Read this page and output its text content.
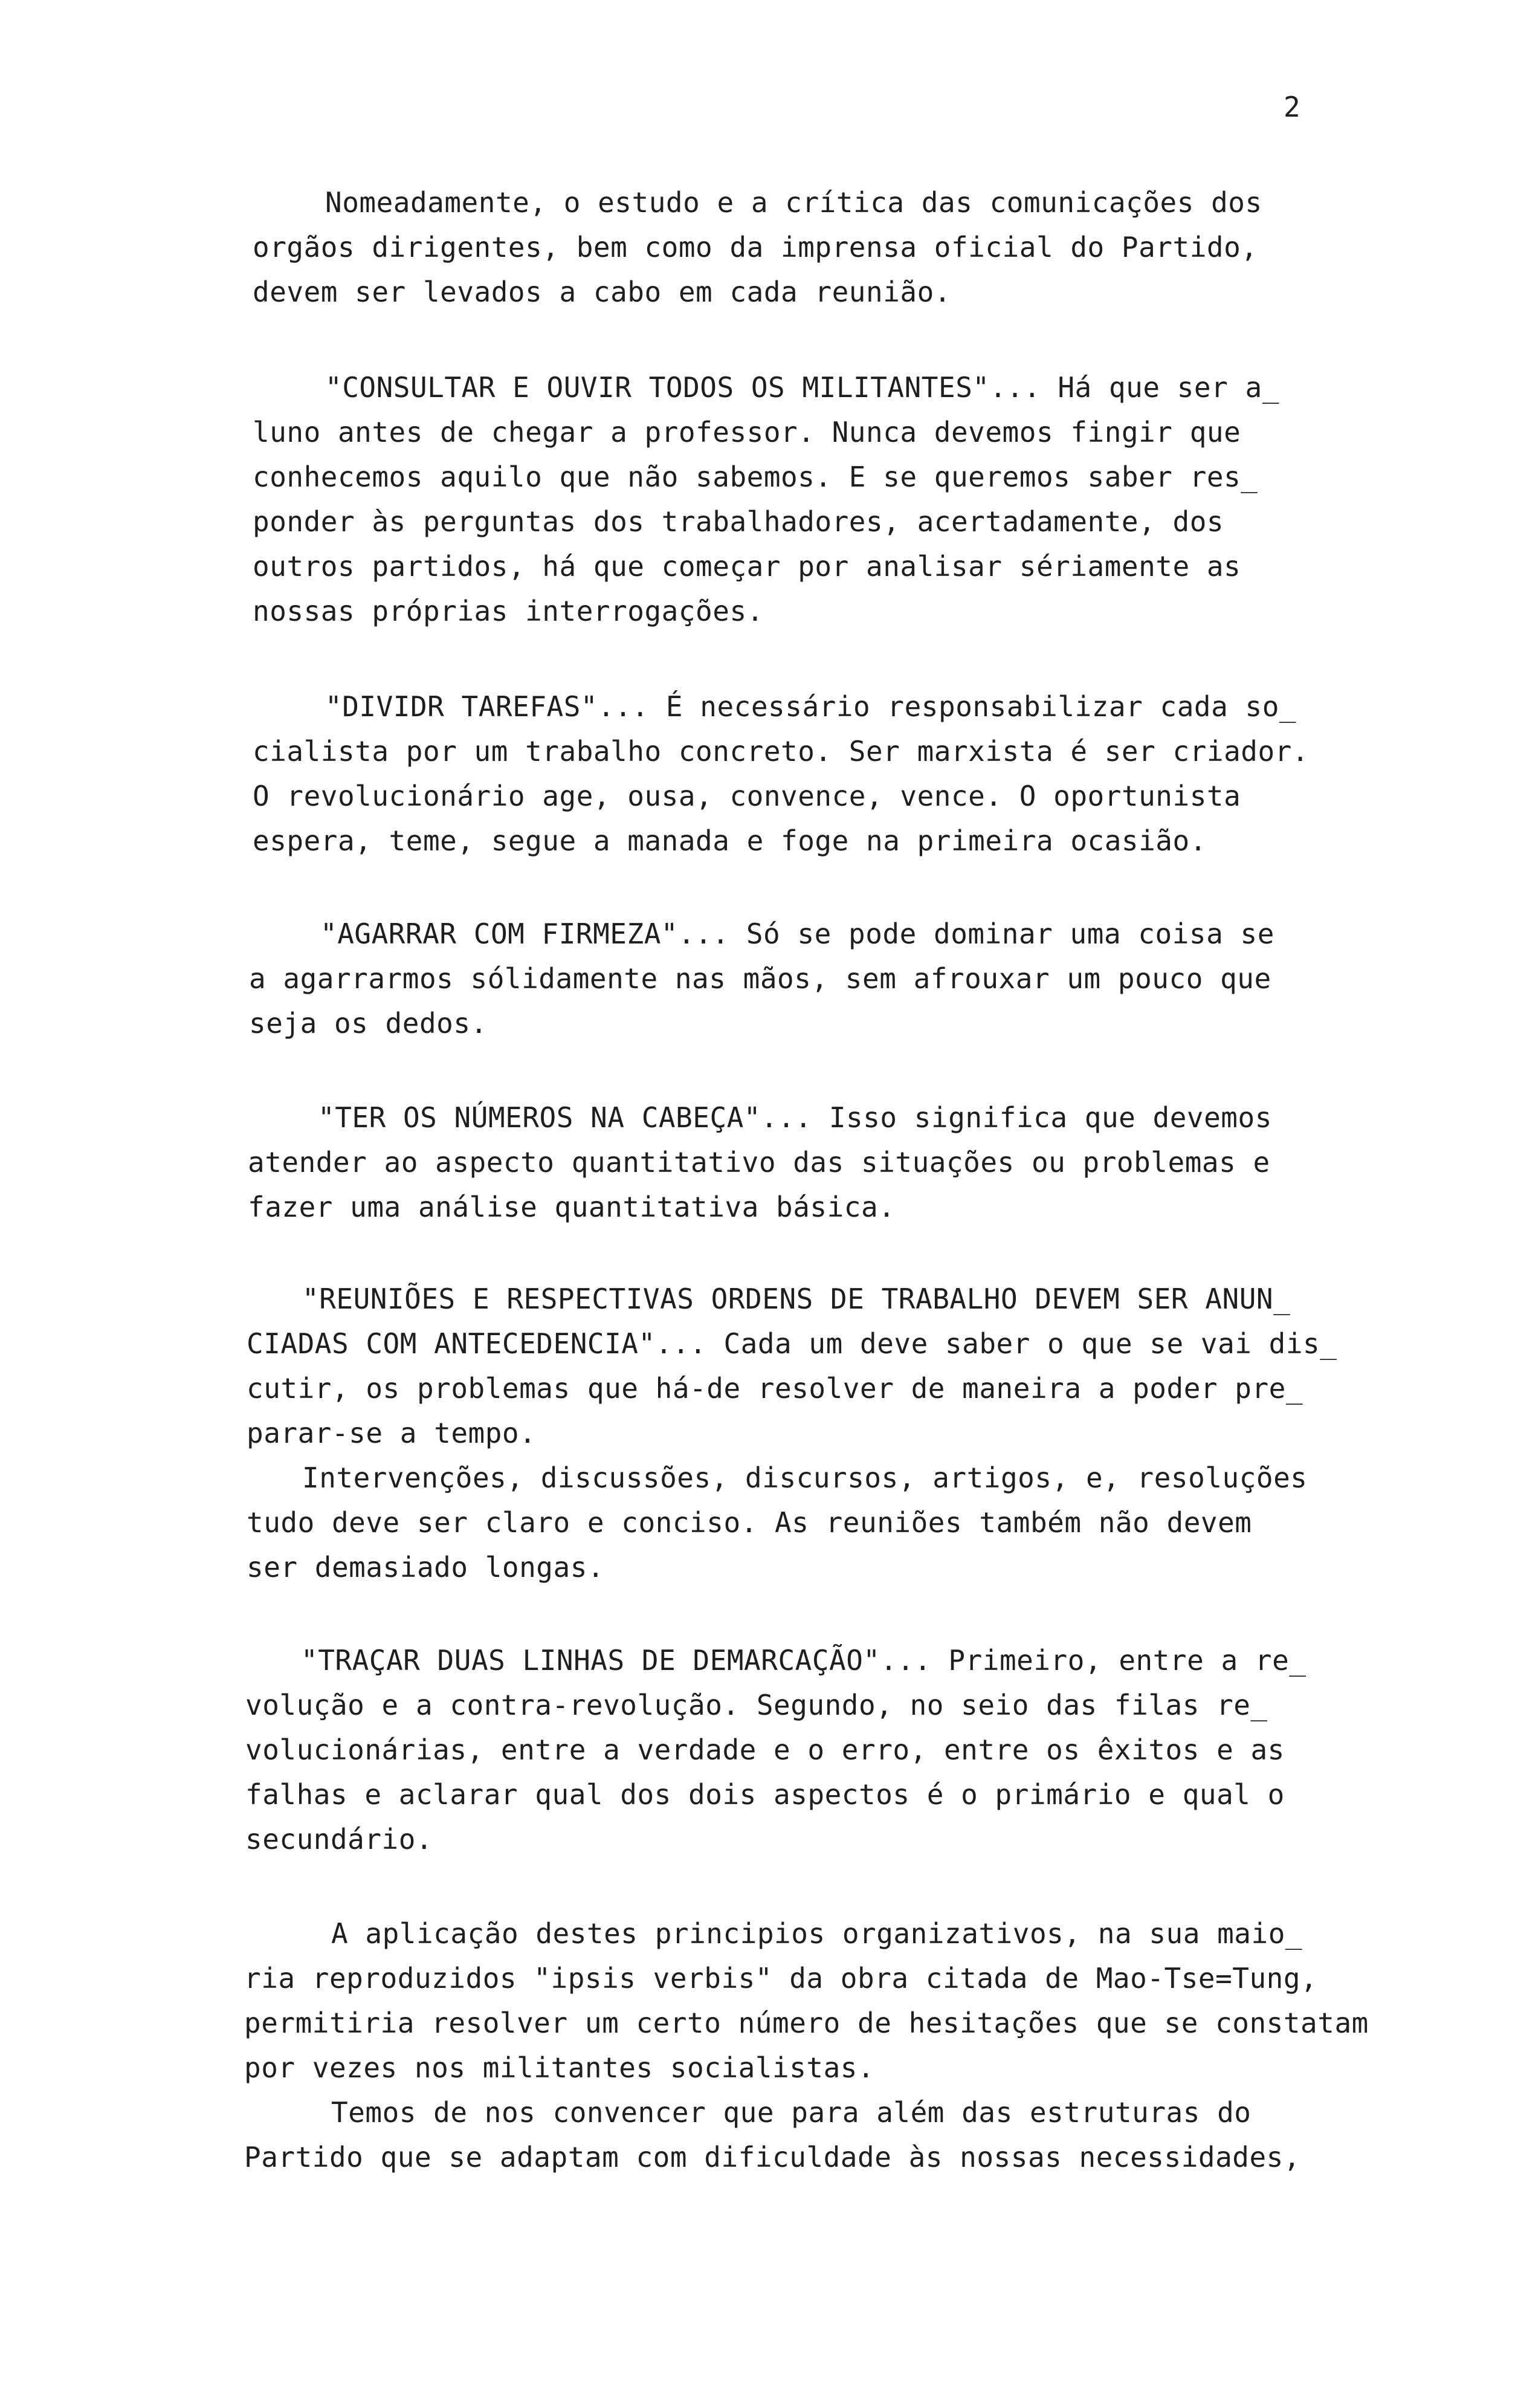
2
Nomeadamente, o estudo e a crítica das comunicações dos
orgãos dirigentes, bem como da imprensa oficial do Partido,
devem ser levados a cabo em cada reunião.
"CONSULTAR E OUVIR TODOS OS MILITANTES"... Há que ser a_
luno antes de chegar a professor. Nunca devemos fingir que
conhecemos aquilo que não sabemos. E se queremos saber res_
ponder às perguntas dos trabalhadores, acertadamente, dos
outros partidos, há que começar por analisar sériamente as
nossas próprias interrogações.
"DIVIDR TAREFAS"... É necessário responsabilizar cada so_
cialista por um trabalho concreto. Ser marxista é ser criador.
O revolucionário age, ousa, convence, vence. O oportunista
espera, teme, segue a manada e foge na primeira ocasião.
"AGARRAR COM FIRMEZA"... Só se pode dominar uma coisa se
a agarrarmos sólidamente nas mãos, sem afrouxar um pouco que
seja os dedos.
"TER OS NÚMEROS NA CABEÇA"... Isso significa que devemos
atender ao aspecto quantitativo das situações ou problemas e
fazer uma análise quantitativa básica.
"REUNIÕES E RESPECTIVAS ORDENS DE TRABALHO DEVEM SER ANUN_
CIADAS COM ANTECEDENCIA"... Cada um deve saber o que se vai dis_
cutir, os problemas que há-de resolver de maneira a poder pre_
parar-se a tempo.
Intervenções, discussões, discursos, artigos, e, resoluções
tudo deve ser claro e conciso. As reuniões também não devem
ser demasiado longas.
"TRAÇAR DUAS LINHAS DE DEMARCAÇÃO"... Primeiro, entre a re_
volução e a contra-revolução. Segundo, no seio das filas re_
volucionárias, entre a verdade e o erro, entre os êxitos e as
falhas e aclarar qual dos dois aspectos é o primário e qual o
secundário.
A aplicação destes principios organizativos, na sua maio_
ria reproduzidos "ipsis verbis" da obra citada de Mao-Tse=Tung,
permitiria resolver um certo número de hesitações que se constatam
por vezes nos militantes socialistas.
Temos de nos convencer que para além das estruturas do
Partido que se adaptam com dificuldade às nossas necessidades,
